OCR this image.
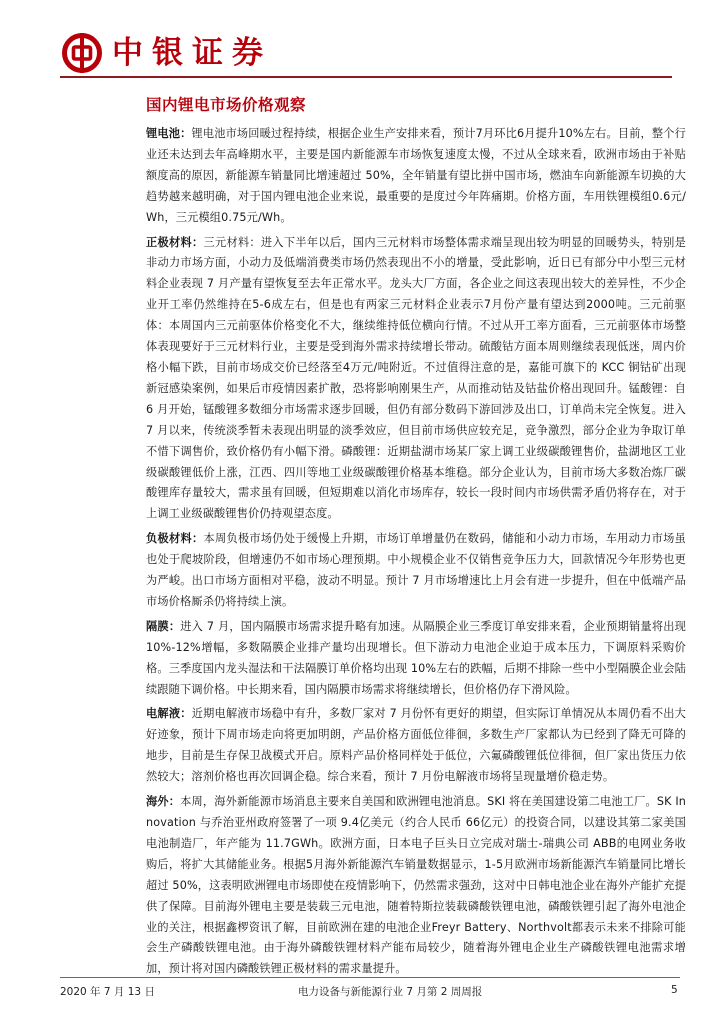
中银证券
国内锂电市场价格观察

锂电池：锂电池市场回暖过程持续，根据企业生产安排来看，预计7月环比6月提升10%左右。目前，整个行业还未达到去年高峰期水平，主要是国内新能源车市场恢复速度太慢，不过从全球来看，欧洲市场由于补贴额度高的原因，新能源车销量同比增速超过 50%，全年销量有望比拼中国市场，燃油车向新能源车切换的大趋势越来越明确，对于国内锂电池企业来说，最重要的是度过今年阵痛期。价格方面，车用铁锂模组0.6元/Wh，三元模组0.75元/Wh。

正极材料：三元材料：进入下半年以后，国内三元材料市场整体需求端呈现出较为明显的回暖势头，特别是非动力市场方面，小动力及低端消费类市场仍然表现出不小的增量，受此影响，近日已有部分中小型三元材料企业表现 7 月产量有望恢复至去年正常水平。龙头大厂方面，各企业之间这表现出较大的差异性，不少企业开工率仍然维持在5-6成左右，但是也有两家三元材料企业表示7月份产量有望达到2000吨。三元前驱体：本周国内三元前驱体价格变化不大，继续维持低位横向行情。不过从开工率方面看，三元前驱体市场整体表现要好于三元材料行业，主要是受到海外需求持续增长带动。硫酸钴方面本周则继续表现低迷，周内价格小幅下跌，目前市场成交价已经落至4万元/吨附近。不过值得注意的是，嘉能可旗下的 KCC 铜钴矿出现新冠感染案例，如果后市疫情因素扩散，恐将影响刚果生产，从而推动钴及钴盐价格出现回升。锰酸锂：自 6 月开始，锰酸锂多数细分市场需求逐步回暖，但仍有部分数码下游回涉及出口，订单尚未完全恢复。进入 7 月以来，传统淡季暂未表现出明显的淡季效应，但目前市场供应较充足，竞争激烈，部分企业为争取订单不惜下调售价，致价格仍有小幅下滑。磷酸锂：近期盐湖市场某厂家上调工业级碳酸锂售价，盐湖地区工业级碳酸锂低价上涨，江西、四川等地工业级碳酸锂价格基本维稳。部分企业认为，目前市场大多数冶炼厂碳酸锂库存量较大，需求虽有回暖，但短期难以消化市场库存，较长一段时间内市场供需矛盾仍将存在，对于上调工业级碳酸锂售价仍持观望态度。

负极材料：本周负极市场仍处于缓慢上升期，市场订单增量仍在数码，储能和小动力市场，车用动力市场虽也处于爬坡阶段，但增速仍不如市场心理预期。中小规模企业不仅销售竞争压力大，回款情况今年形势也更为严峻。出口市场方面相对平稳，波动不明显。预计 7 月市场增速比上月会有进一步提升，但在中低端产品市场价格厮杀仍将持续上演。

隔膜：进入 7 月，国内隔膜市场需求提升略有加速。从隔膜企业三季度订单安排来看，企业预期销量将出现 10%-12%增幅，多数隔膜企业排产量均出现增长。但下游动力电池企业迫于成本压力，下调原料采购价格。三季度国内龙头湿法和干法隔膜订单价格均出现 10%左右的跌幅，后期不排除一些中小型隔膜企业会陆续跟随下调价格。中长期来看，国内隔膜市场需求将继续增长，但价格仍存下滑风险。

电解液：近期电解液市场稳中有升，多数厂家对 7 月份怀有更好的期望，但实际订单情况从本周仍看不出大好迹象，预计下周市场走向将更加明朗，产品价格方面低位徘徊，多数生产厂家都认为已经到了降无可降的地步，目前是生存保卫战模式开启。原料产品价格同样处于低位，六氟磷酸锂低位徘徊，但厂家出货压力依然较大；溶剂价格也再次回调企稳。综合来看，预计 7 月份电解液市场将呈现量增价稳走势。

海外：本周，海外新能源市场消息主要来自美国和欧洲锂电池消息。SKI 将在美国建设第二电池工厂。SK Innovation 与乔治亚州政府签署了一项 9.4亿美元（约合人民币 66亿元）的投资合同，以建设其第二家美国电池制造厂，年产能为 11.7GWh。欧洲方面，日本电子巨头日立完成对瑞士-瑞典公司 ABB的电网业务收购后，将扩大其储能业务。根据5月海外新能源汽车销量数据显示，1-5月欧洲市场新能源汽车销量同比增长超过 50%，这表明欧洲锂电市场即使在疫情影响下，仍然需求强劲，这对中日韩电池企业在海外产能扩充提供了保障。目前海外锂电主要是装载三元电池，随着特斯拉装载磷酸铁锂电池，磷酸铁锂引起了海外电池企业的关注，根据鑫椤资讯了解，目前欧洲在建的电池企业Freyr Battery、Northvolt都表示未来不排除可能会生产磷酸铁锂电池。由于海外磷酸铁锂材料产能布局较少，随着海外锂电企业生产磷酸铁锂电池需求增加，预计将对国内磷酸铁锂正极材料的需求量提升。

2020 年 7 月 13 日	电力设备与新能源行业 7 月第 2 周周报	5
